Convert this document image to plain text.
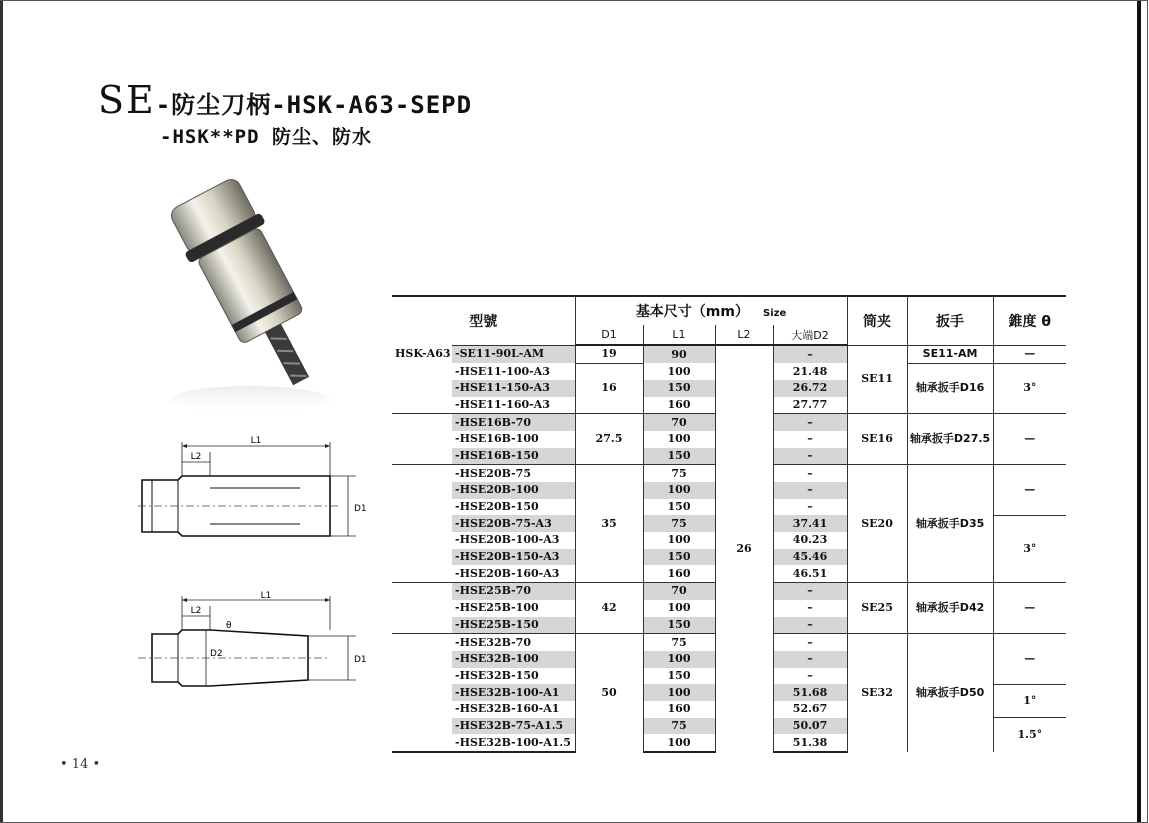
SE-防尘刀柄-HSK-A63-SEPD
-HSK**PD 防尘、防水
L1
L2
D1
L1
L2
D2
θ
D1
• 14 •
型號		基本尺寸（mm） Size				筒夹	扳手	錐度 θ
		D1	L1	L2	大端D2			
HSK-A63	-SE11-90L-AM	19	90	26	–	SE11	SE11-AM	—
	-HSE11-100-A3	16	100		21.48		轴承扳手D16	3°
	-HSE11-150-A3		150		26.72			
	-HSE11-160-A3		160		27.77			
	-HSE16B-70	27.5	70		–	SE16	轴承扳手D27.5	—
	-HSE16B-100		100		–			
	-HSE16B-150		150		–			
	-HSE20B-75	35	75		–	SE20	轴承扳手D35	—
	-HSE20B-100		100		–			
	-HSE20B-150		150		–			
	-HSE20B-75-A3		75		37.41			3°
	-HSE20B-100-A3		100		40.23			
	-HSE20B-150-A3		150		45.46			
	-HSE20B-160-A3		160		46.51			
	-HSE25B-70	42	70		–	SE25	轴承扳手D42	—
	-HSE25B-100		100		–			
	-HSE25B-150		150		–			
	-HSE32B-70	50	75		–	SE32	轴承扳手D50	—
	-HSE32B-100		100		–			
	-HSE32B-150		150		–			
	-HSE32B-100-A1		100		51.68			1°
	-HSE32B-160-A1		160		52.67			
	-HSE32B-75-A1.5		75		50.07			1.5°
	-HSE32B-100-A1.5		100		51.38			
